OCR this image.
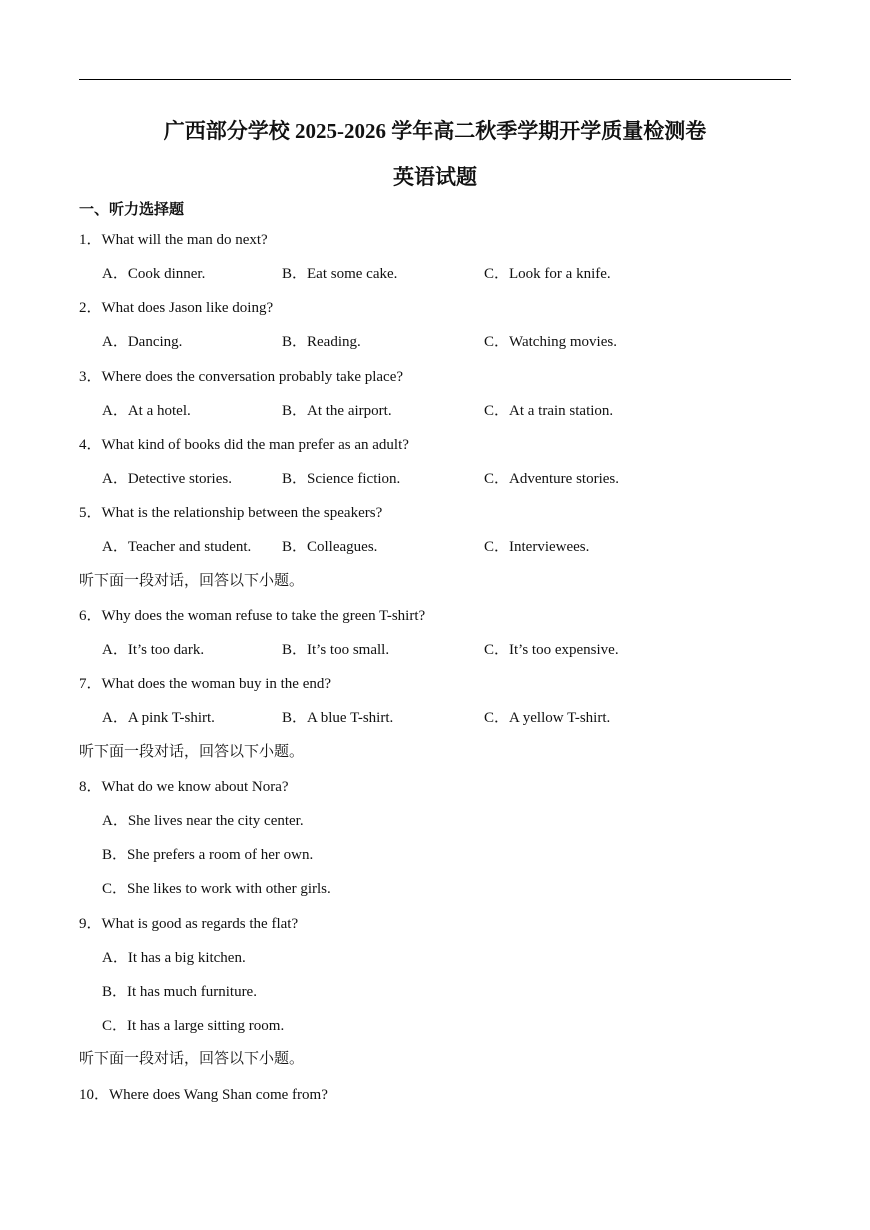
广西部分学校 2025-2026 学年高二秋季学期开学质量检测卷
英语试题
一、听力选择题
1．What will the man do next?
A．Cook dinner.	B．Eat some cake.	C．Look for a knife.
2．What does Jason like doing?
A．Dancing.	B．Reading.	C．Watching movies.
3．Where does the conversation probably take place?
A．At a hotel.	B．At the airport.	C．At a train station.
4．What kind of books did the man prefer as an adult?
A．Detective stories.	B．Science fiction.	C．Adventure stories.
5．What is the relationship between the speakers?
A．Teacher and student. B．Colleagues.	C．Interviewees.
听下面一段对话，回答以下小题。
6．Why does the woman refuse to take the green T-shirt?
A．It’s too dark.	B．It’s too small.	C．It’s too expensive.
7．What does the woman buy in the end?
A．A pink T-shirt.	B．A blue T-shirt.	C．A yellow T-shirt.
听下面一段对话，回答以下小题。
8．What do we know about Nora?
A．She lives near the city center.
B．She prefers a room of her own.
C．She likes to work with other girls.
9．What is good as regards the flat?
A．It has a big kitchen.
B．It has much furniture.
C．It has a large sitting room.
听下面一段对话，回答以下小题。
10．Where does Wang Shan come from?
